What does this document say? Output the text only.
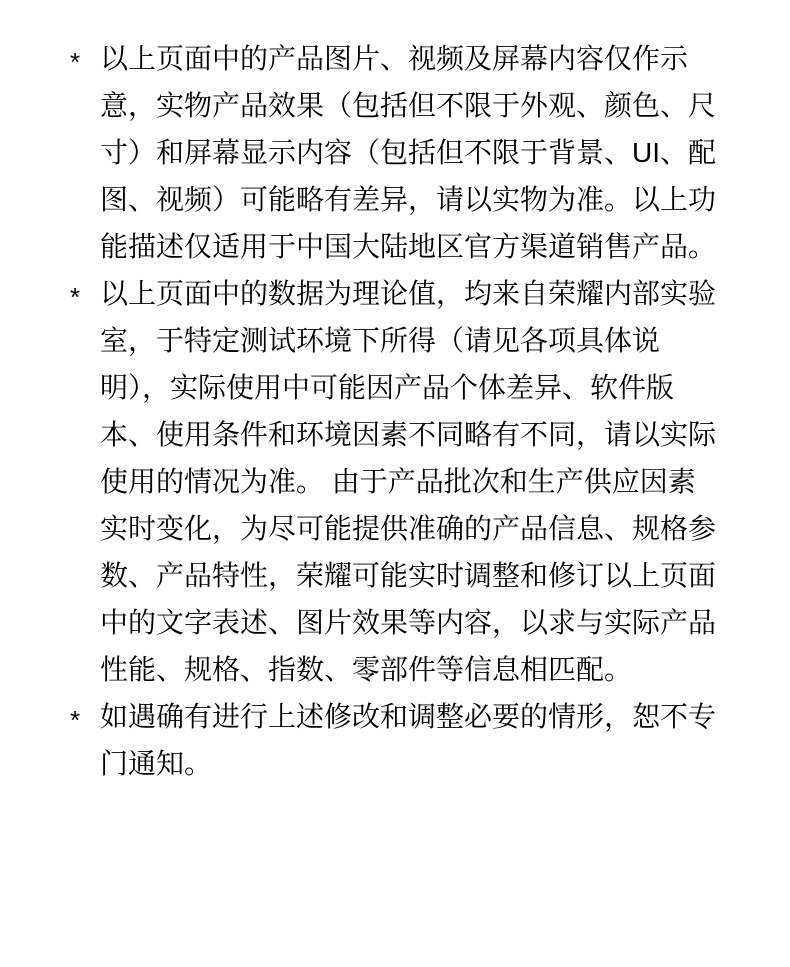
* 以上页面中的产品图片、视频及屏幕内容仅作示意，实物产品效果（包括但不限于外观、颜色、尺寸）和屏幕显示内容（包括但不限于背景、UI、配图、视频）可能略有差异，请以实物为准。以上功能描述仅适用于中国大陆地区官方渠道销售产品。
* 以上页面中的数据为理论值，均来自荣耀内部实验室，于特定测试环境下所得（请见各项具体说明），实际使用中可能因产品个体差异、软件版本、使用条件和环境因素不同略有不同，请以实际使用的情况为准。 由于产品批次和生产供应因素实时变化，为尽可能提供准确的产品信息、规格参数、产品特性，荣耀可能实时调整和修订以上页面中的文字表述、图片效果等内容，以求与实际产品性能、规格、指数、零部件等信息相匹配。
* 如遇确有进行上述修改和调整必要的情形，恕不专门通知。
